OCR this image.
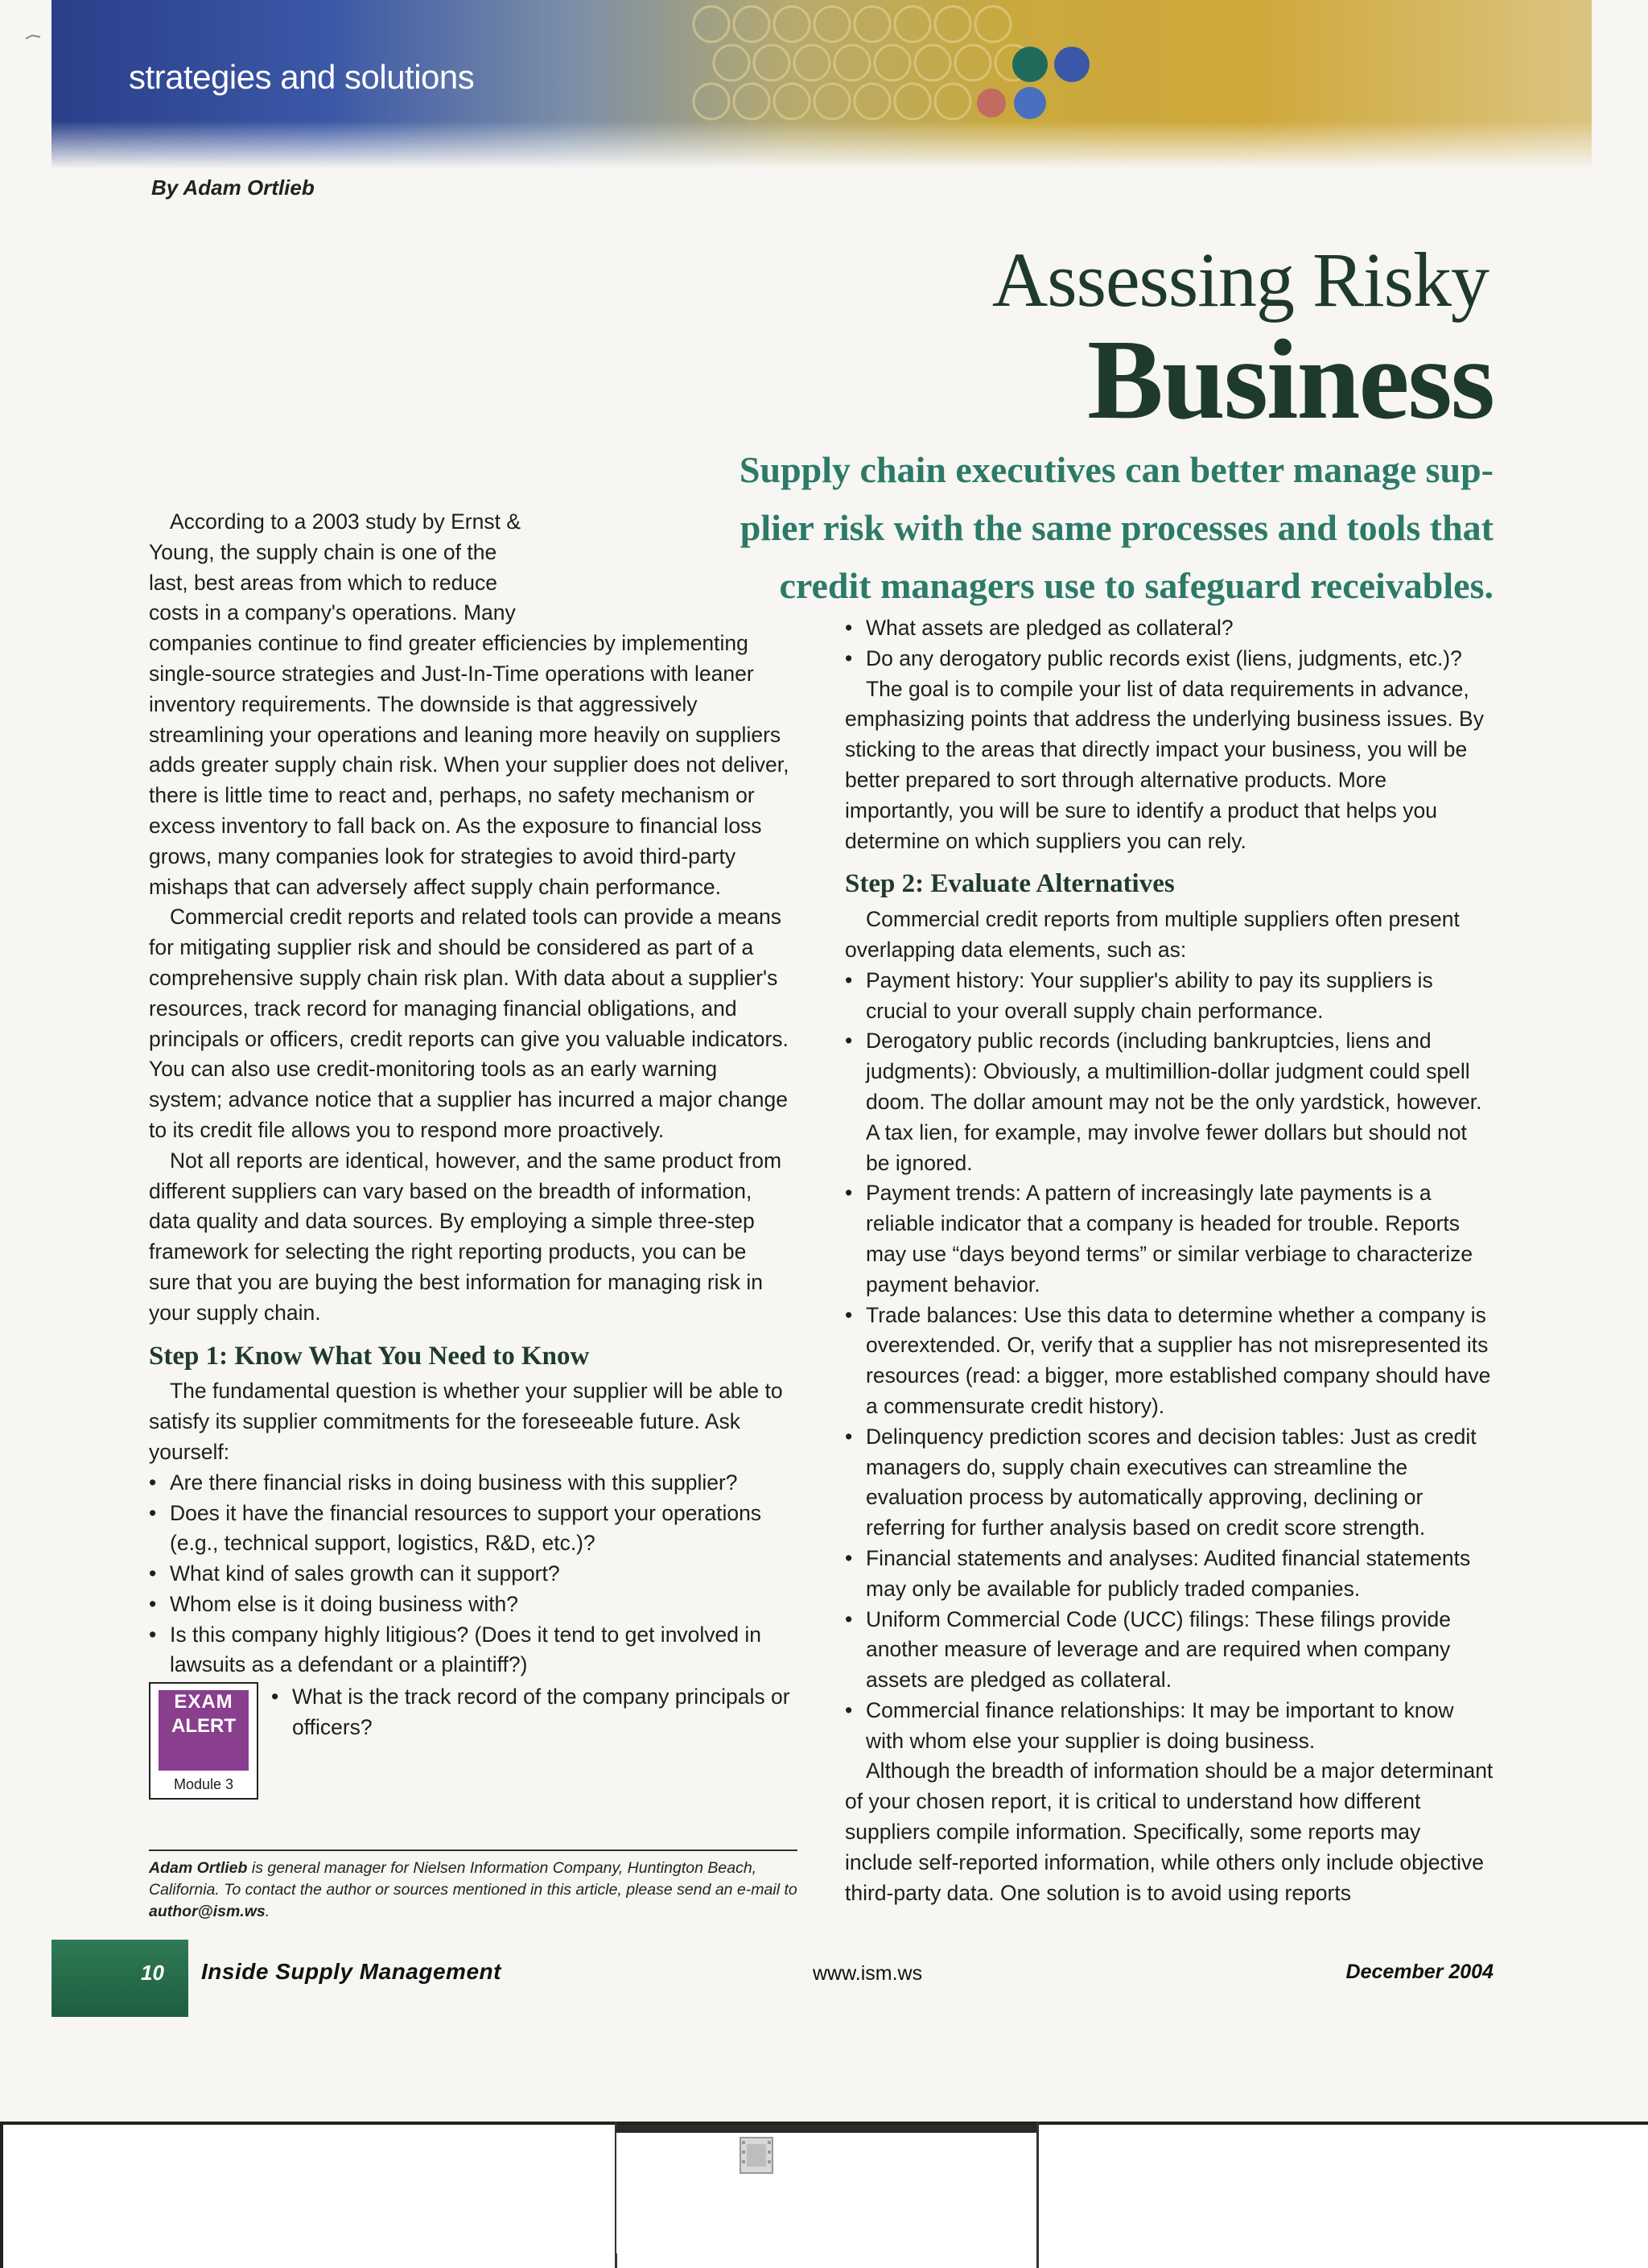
strategies and solutions
By Adam Ortlieb
Assessing Risky
Business
Supply chain executives can better manage sup-
plier risk with the same processes and tools that
credit managers use to safeguard receivables.
According to a 2003 study by Ernst &
Young, the supply chain is one of the
last, best areas from which to reduce
costs in a company's operations. Many

companies continue to find greater efficiencies by implementing single-source strategies and Just-In-Time operations with leaner inventory requirements. The downside is that aggressively streamlining your operations and leaning more heavily on suppliers adds greater supply chain risk. When your supplier does not deliver, there is little time to react and, perhaps, no safety mechanism or excess inventory to fall back on. As the exposure to financial loss grows, many companies look for strategies to avoid third-party mishaps that can adversely affect supply chain performance.

Commercial credit reports and related tools can provide a means for mitigating supplier risk and should be considered as part of a comprehensive supply chain risk plan. With data about a supplier's resources, track record for managing financial obligations, and principals or officers, credit reports can give you valuable indicators. You can also use credit-monitoring tools as an early warning system; advance notice that a supplier has incurred a major change to its credit file allows you to respond more proactively.

Not all reports are identical, however, and the same product from different suppliers can vary based on the breadth of information, data quality and data sources. By employing a simple three-step framework for selecting the right reporting products, you can be sure that you are buying the best information for managing risk in your supply chain.

Step 1: Know What You Need to Know

The fundamental question is whether your supplier will be able to satisfy its supplier commitments for the foreseeable future. Ask yourself:

• Are there financial risks in doing business with this supplier?
• Does it have the financial resources to support your operations (e.g., technical support, logistics, R&D, etc.)?
• What kind of sales growth can it support?
• Whom else is it doing business with?
• Is this company highly litigious? (Does it tend to get involved in lawsuits as a defendant or a plaintiff?)
EXAM
ALERT
Module 3
• What is the track record of the company principals or officers?
Adam Ortlieb is general manager for Nielsen Information Company, Huntington Beach, California. To contact the author or sources mentioned in this article, please send an e-mail to author@ism.ws.
• What assets are pledged as collateral?
• Do any derogatory public records exist (liens, judgments, etc.)?

The goal is to compile your list of data requirements in advance, emphasizing points that address the underlying business issues. By sticking to the areas that directly impact your business, you will be better prepared to sort through alternative products. More importantly, you will be sure to identify a product that helps you determine on which suppliers you can rely.

Step 2: Evaluate Alternatives

Commercial credit reports from multiple suppliers often present overlapping data elements, such as:

• Payment history: Your supplier's ability to pay its suppliers is crucial to your overall supply chain performance.
• Derogatory public records (including bankruptcies, liens and judgments): Obviously, a multimillion-dollar judgment could spell doom. The dollar amount may not be the only yardstick, however. A tax lien, for example, may involve fewer dollars but should not be ignored.
• Payment trends: A pattern of increasingly late payments is a reliable indicator that a company is headed for trouble. Reports may use “days beyond terms” or similar verbiage to characterize payment behavior.
• Trade balances: Use this data to determine whether a company is overextended. Or, verify that a supplier has not misrepresented its resources (read: a bigger, more established company should have a commensurate credit history).
• Delinquency prediction scores and decision tables: Just as credit managers do, supply chain executives can streamline the evaluation process by automatically approving, declining or referring for further analysis based on credit score strength.
• Financial statements and analyses: Audited financial statements may only be available for publicly traded companies.
• Uniform Commercial Code (UCC) filings: These filings provide another measure of leverage and are required when company assets are pledged as collateral.
• Commercial finance relationships: It may be important to know with whom else your supplier is doing business.

Although the breadth of information should be a major determinant of your chosen report, it is critical to understand how different suppliers compile information. Specifically, some reports may include self-reported information, while others only include objective third-party data. One solution is to avoid using reports

10 Inside Supply Management	www.ism.ws	December 2004
